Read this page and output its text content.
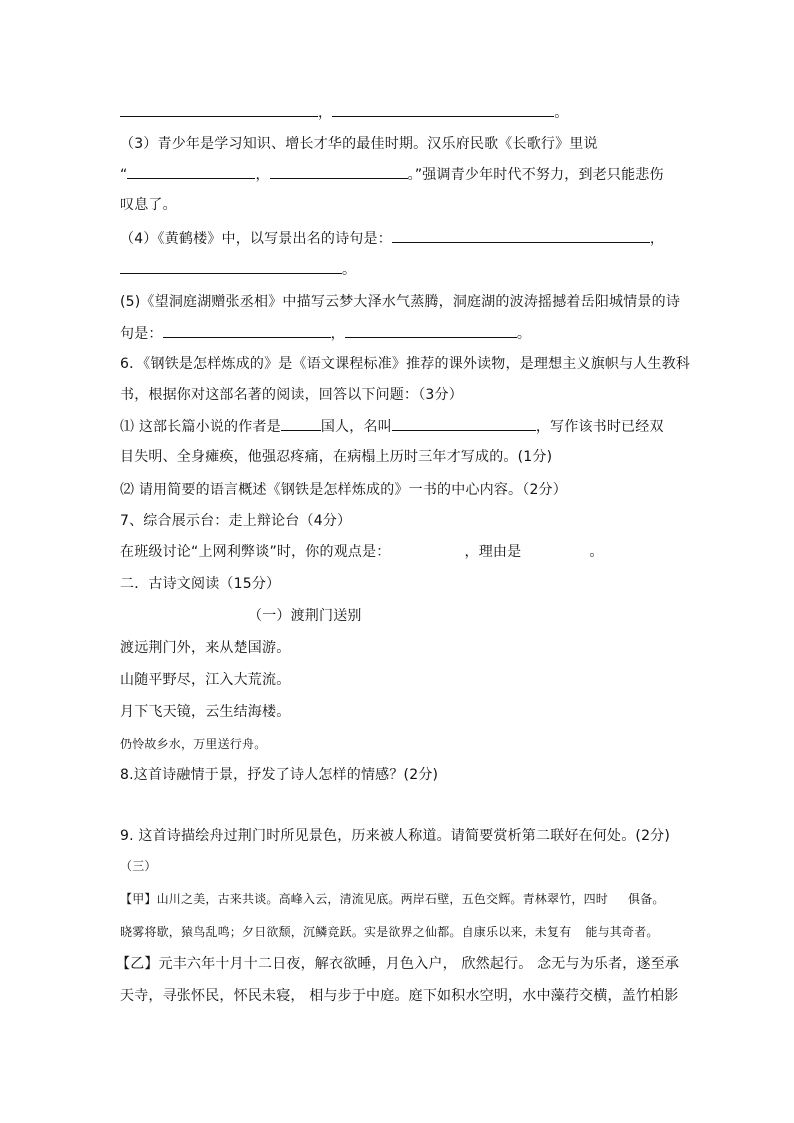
，	。
（3）青少年是学习知识、增长才华的最佳时期。汉乐府民歌《长歌行》里说
“	，	。”强调青少年时代不努力，到老只能悲伤
叹息了。
（4）《黄鹤楼》中，以写景出名的诗句是：	，
。
(5)《望洞庭湖赠张丞相》中描写云梦大泽水气蒸腾，洞庭湖的波涛摇撼着岳阳城情景的诗
句是：	，	。
6．《钢铁是怎样炼成的》是《语文课程标准》推荐的课外读物，是理想主义旗帜与人生教科
书，根据你对这部名著的阅读，回答以下问题：（3分）
⑴ 这部长篇小说的作者是	国人，名叫	，写作该书时已经双
目失明、全身瘫痪，他强忍疼痛，在病榻上历时三年才写成的。(1分)
⑵ 请用简要的语言概述《钢铁是怎样炼成的》一书的中心内容。（2分）
7、综合展示台：走上辩论台（4分）
在班级讨论“上网利弊谈”时，你的观点是：	，理由是	。
二．古诗文阅读（15分）
（一）渡荆门送别
渡远荆门外，来从楚国游。
山随平野尽，江入大荒流。
月下飞天镜，云生结海楼。
仍怜故乡水，万里送行舟。
8.这首诗融情于景，抒发了诗人怎样的情感？(2分)
9. 这首诗描绘舟过荆门时所见景色，历来被人称道。请简要赏析第二联好在何处。(2分)
（三）
【甲】山川之美，古来共谈。高峰入云，清流见底。两岸石壁，五色交辉。青林翠竹，四时 俱备。
晓雾将歇，猿鸟乱鸣；夕日欲颓，沉鳞竞跃。实是欲界之仙都。自康乐以来，未复有 能与其奇者。
【乙】元丰六年十月十二日夜，解衣欲睡，月色入户， 欣然起行。 念无与为乐者，遂至承
天寺，寻张怀民，怀民未寝， 相与步于中庭。庭下如积水空明，水中藻荇交横，盖竹柏影
